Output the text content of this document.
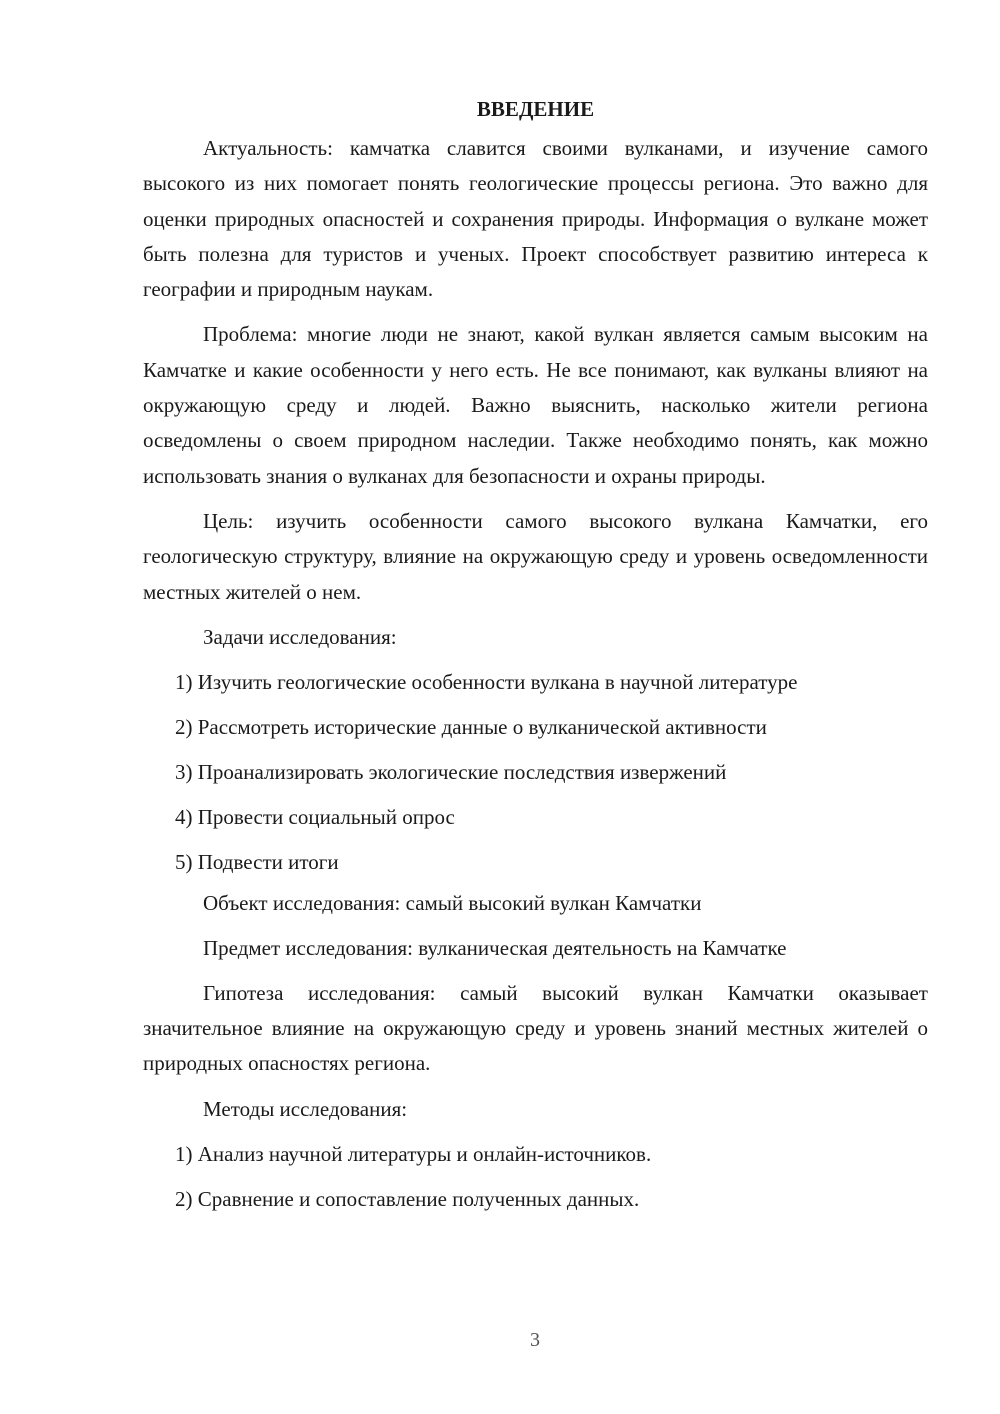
ВВЕДЕНИЕ

Актуальность: камчатка славится своими вулканами, и изучение самого высокого из них помогает понять геологические процессы региона. Это важно для оценки природных опасностей и сохранения природы. Информация о вулкане может быть полезна для туристов и ученых. Проект способствует развитию интереса к географии и природным наукам.

Проблема: многие люди не знают, какой вулкан является самым высоким на Камчатке и какие особенности у него есть. Не все понимают, как вулканы влияют на окружающую среду и людей. Важно выяснить, насколько жители региона осведомлены о своем природном наследии. Также необходимо понять, как можно использовать знания о вулканах для безопасности и охраны природы.

Цель: изучить особенности самого высокого вулкана Камчатки, его геологическую структуру, влияние на окружающую среду и уровень осведомленности местных жителей о нем.

Задачи исследования:
1) Изучить геологические особенности вулкана в научной литературе
2) Рассмотреть исторические данные о вулканической активности
3) Проанализировать экологические последствия извержений
4) Провести социальный опрос
5) Подвести итоги
Объект исследования: самый высокий вулкан Камчатки
Предмет исследования: вулканическая деятельность на Камчатке

Гипотеза исследования: самый высокий вулкан Камчатки оказывает значительное влияние на окружающую среду и уровень знаний местных жителей о природных опасностях региона.

Методы исследования:
1) Анализ научной литературы и онлайн-источников.
2) Сравнение и сопоставление полученных данных.
3
